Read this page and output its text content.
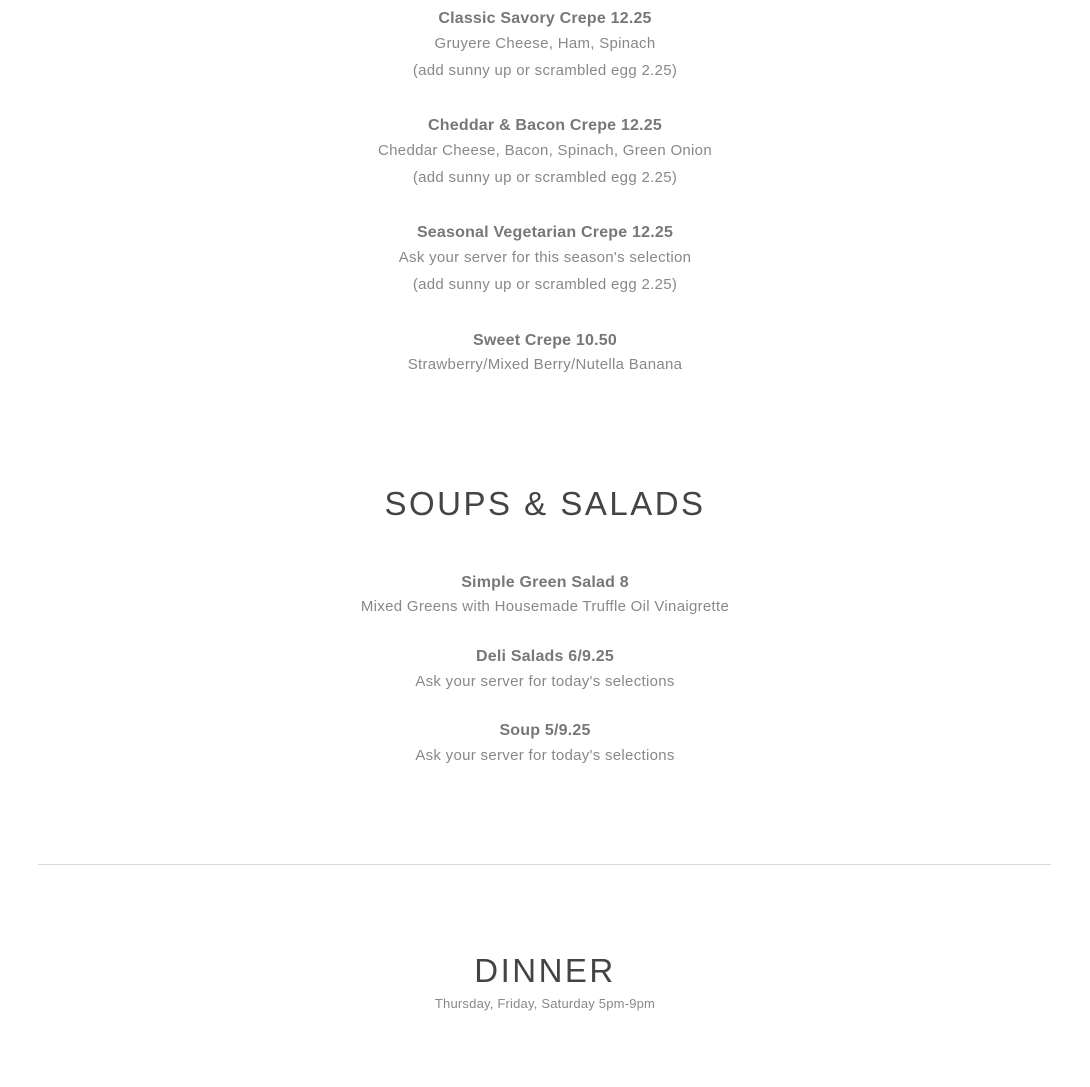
Classic Savory Crepe 12.25
Gruyere Cheese, Ham, Spinach
(add sunny up or scrambled egg 2.25)
Cheddar & Bacon Crepe 12.25
Cheddar Cheese, Bacon, Spinach, Green Onion
(add sunny up or scrambled egg 2.25)
Seasonal Vegetarian Crepe 12.25
Ask your server for this season's selection
(add sunny up or scrambled egg 2.25)
Sweet Crepe 10.50
Strawberry/Mixed Berry/Nutella Banana
SOUPS & SALADS
Simple Green Salad 8
Mixed Greens with Housemade Truffle Oil Vinaigrette
Deli Salads 6/9.25
Ask your server for today's selections
Soup 5/9.25
Ask your server for today's selections
DINNER
Thursday, Friday, Saturday 5pm-9pm
